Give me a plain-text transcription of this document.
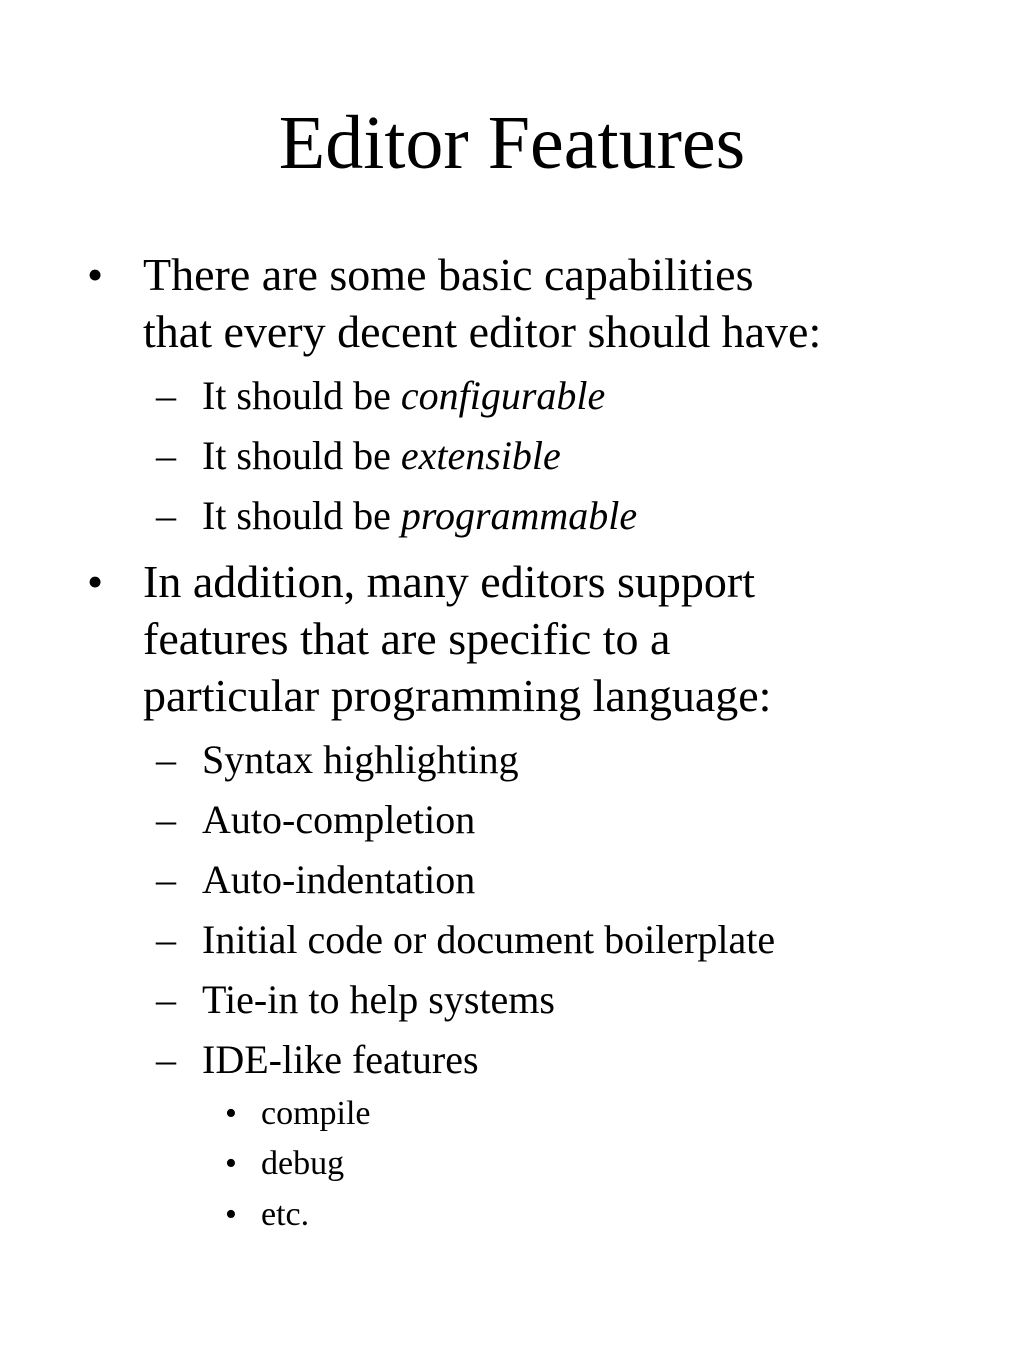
Editor Features
• There are some basic capabilities
that every decent editor should have:
– It should be configurable
– It should be extensible
– It should be programmable
• In addition, many editors support
features that are specific to a
particular programming language:
– Syntax highlighting
– Auto-completion
– Auto-indentation
– Initial code or document boilerplate
– Tie-in to help systems
– IDE-like features
• compile
• debug
• etc.
